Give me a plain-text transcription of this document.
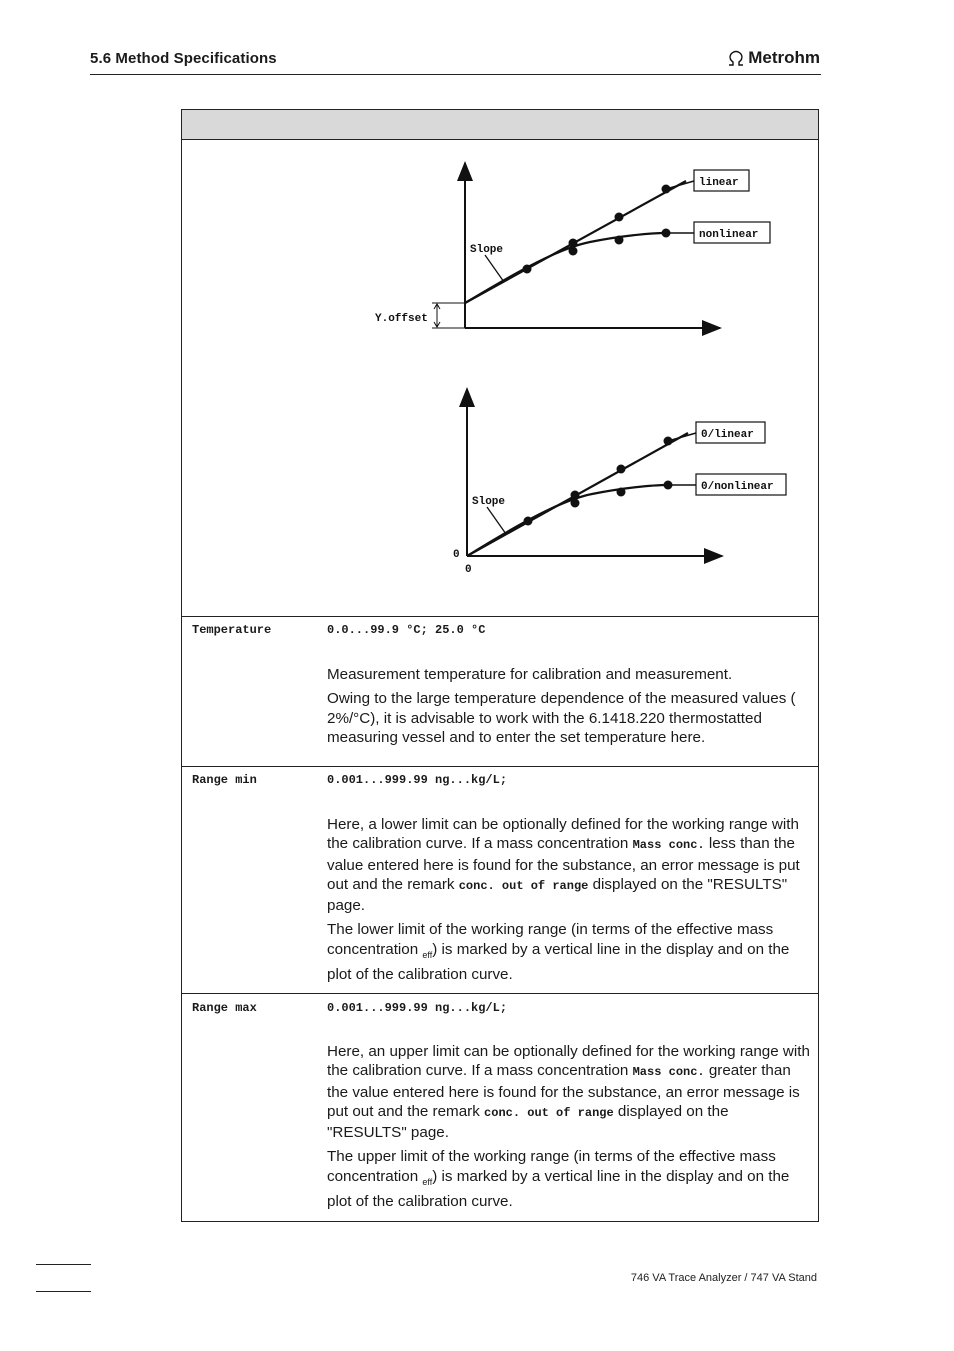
5.6 Method Specifications	Metrohm
linear
nonlinear
Slope
Y.offset
0/linear
0/nonlinear
Slope
0
0
Temperature	0.0...99.9 °C; 25.0 °C

Measurement temperature for calibration and measurement.

Owing to the large temperature dependence of the measured values ( 2%/°C), it is advisable to work with the 6.1418.220 thermostatted measuring vessel and to enter the set temperature here.

Range min	0.001...999.99 ng...kg/L;

Here, a lower limit can be optionally defined for the working range with the calibration curve. If a mass concentration Mass conc. less than the value entered here is found for the substance, an error message is put out and the remark conc. out of range displayed on the "RESULTS" page.

The lower limit of the working range (in terms of the effective mass concentration $_{eff}$) is marked by a vertical line in the display and on the plot of the calibration curve.

Range max	0.001...999.99 ng...kg/L;

Here, an upper limit can be optionally defined for the working range with the calibration curve. If a mass concentration Mass conc. greater than the value entered here is found for the substance, an error message is put out and the remark conc. out of range displayed on the "RESULTS" page.

The upper limit of the working range (in terms of the effective mass concentration $_{eff}$) is marked by a vertical line in the display and on the plot of the calibration curve.

746 VA Trace Analyzer / 747 VA Stand
